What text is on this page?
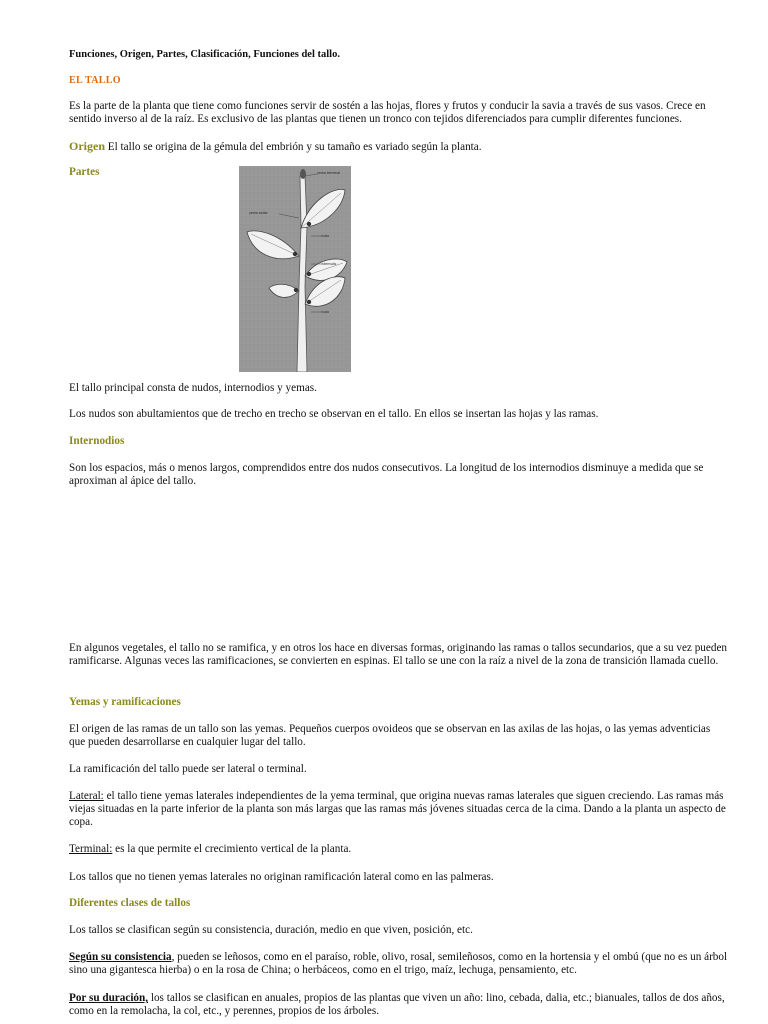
Funciones, Origen, Partes, Clasificación, Funciones del tallo.

EL TALLO

Es la parte de la planta que tiene como funciones servir de sostén a las hojas, flores y frutos y conducir la savia a través de sus vasos. Crece en sentido inverso al de la raíz. Es exclusivo de las plantas que tienen un tronco con tejidos diferenciados para cumplir diferentes funciones.

Origen El tallo se origina de la gémula del embrión y su tamaño es variado según la planta.

Partes	yema terminal
yema axilar
nudo
internudo
nudo

El tallo principal consta de nudos, internodios y yemas.

Los nudos son abultamientos que de trecho en trecho se observan en el tallo. En ellos se insertan las hojas y las ramas.

Internodios

Son los espacios, más o menos largos, comprendidos entre dos nudos consecutivos. La longitud de los internodios disminuye a medida que se aproximan al ápice del tallo.

En algunos vegetales, el tallo no se ramifica, y en otros los hace en diversas formas, originando las ramas o tallos secundarios, que a su vez pueden ramificarse. Algunas veces las ramificaciones, se convierten en espinas. El tallo se une con la raíz a nivel de la zona de transición llamada cuello.

Yemas y ramificaciones

El origen de las ramas de un tallo son las yemas. Pequeños cuerpos ovoideos que se observan en las axilas de las hojas, o las yemas adventicias que pueden desarrollarse en cualquier lugar del tallo.

La ramificación del tallo puede ser lateral o terminal.

Lateral: el tallo tiene yemas laterales independientes de la yema terminal, que origina nuevas ramas laterales que siguen creciendo. Las ramas más viejas situadas en la parte inferior de la planta son más largas que las ramas más jóvenes situadas cerca de la cima. Dando a la planta un aspecto de copa.

Terminal: es la que permite el crecimiento vertical de la planta.

Los tallos que no tienen yemas laterales no originan ramificación lateral como en las palmeras.

Diferentes clases de tallos

Los tallos se clasifican según su consistencia, duración, medio en que viven, posición, etc.

Según su consistencia, pueden se leñosos, como en el paraíso, roble, olivo, rosal, semileñosos, como en la hortensia y el ombú (que no es un árbol sino una gigantesca hierba) o en la rosa de China; o herbáceos, como en el trigo, maíz, lechuga, pensamiento, etc.

Por su duración, los tallos se clasifican en anuales, propios de las plantas que viven un año: lino, cebada, dalia, etc.; bianuales, tallos de dos años, como en la remolacha, la col, etc., y perennes, propios de los árboles.
